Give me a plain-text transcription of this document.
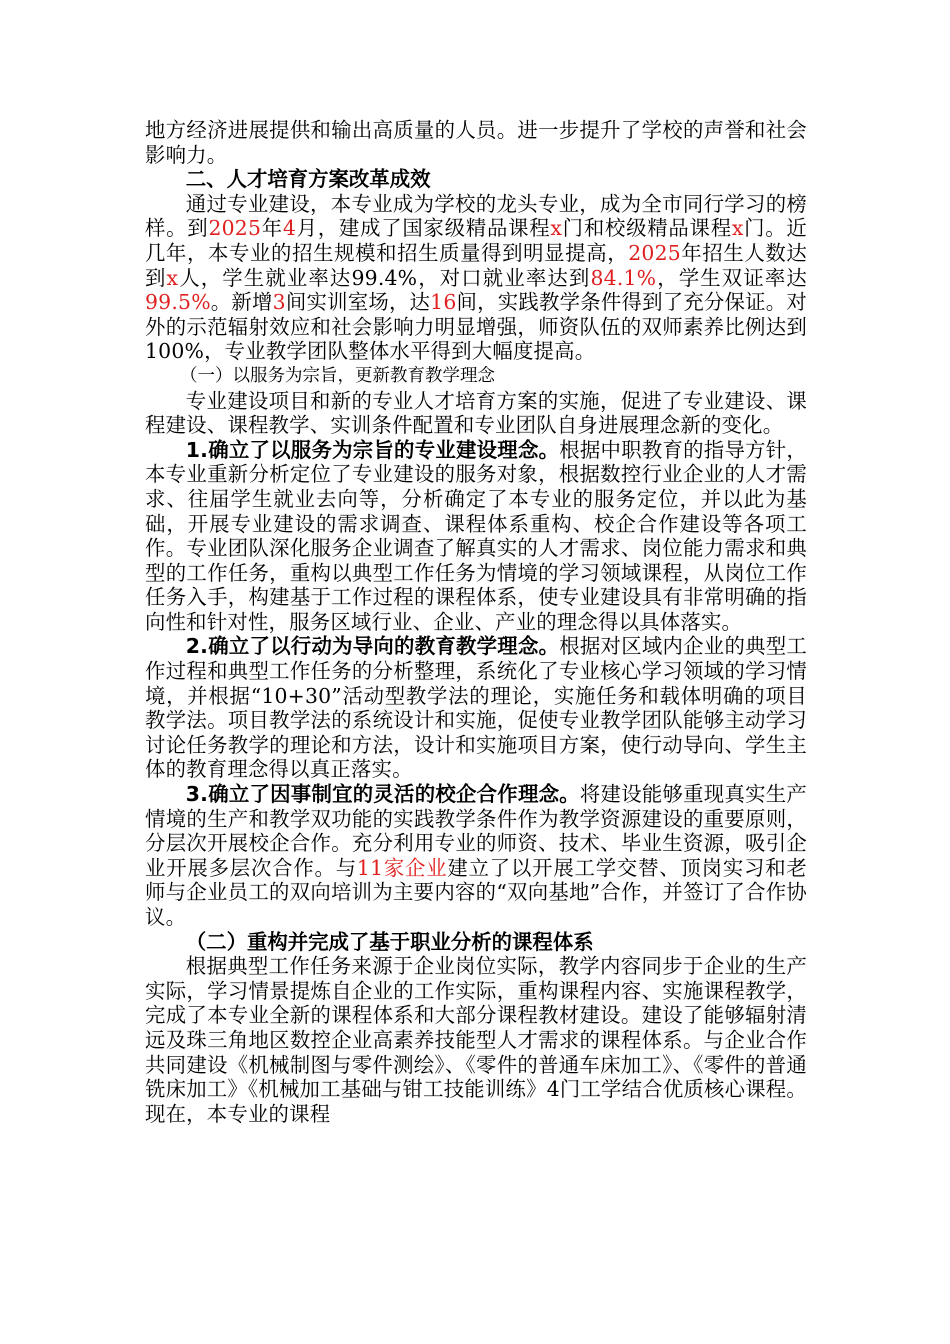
地方经济进展提供和输出高质量的人员。进一步提升了学校的声誉和社会影响力。

二、人才培育方案改革成效

通过专业建设，本专业成为学校的龙头专业，成为全市同行学习的榜样。到2025年4月，建成了国家级精品课程x门和校级精品课程x门。近几年，本专业的招生规模和招生质量得到明显提高，2025年招生人数达到x人，学生就业率达99.4%，对口就业率达到84.1%，学生双证率达99.5%。新增3间实训室场，达16间，实践教学条件得到了充分保证。对外的示范辐射效应和社会影响力明显增强，师资队伍的双师素养比例达到100%，专业教学团队整体水平得到大幅度提高。

（一）以服务为宗旨，更新教育教学理念

专业建设项目和新的专业人才培育方案的实施，促进了专业建设、课程建设、课程教学、实训条件配置和专业团队自身进展理念新的变化。

1.确立了以服务为宗旨的专业建设理念。根据中职教育的指导方针，本专业重新分析定位了专业建设的服务对象，根据数控行业企业的人才需求、往届学生就业去向等，分析确定了本专业的服务定位，并以此为基础，开展专业建设的需求调查、课程体系重构、校企合作建设等各项工作。专业团队深化服务企业调查了解真实的人才需求、岗位能力需求和典型的工作任务，重构以典型工作任务为情境的学习领域课程，从岗位工作任务入手，构建基于工作过程的课程体系，使专业建设具有非常明确的指向性和针对性，服务区域行业、企业、产业的理念得以具体落实。

2.确立了以行动为导向的教育教学理念。根据对区域内企业的典型工作过程和典型工作任务的分析整理，系统化了专业核心学习领域的学习情境，并根据“10+30”活动型教学法的理论，实施任务和载体明确的项目教学法。项目教学法的系统设计和实施，促使专业教学团队能够主动学习讨论任务教学的理论和方法，设计和实施项目方案，使行动导向、学生主体的教育理念得以真正落实。

3.确立了因事制宜的灵活的校企合作理念。将建设能够重现真实生产情境的生产和教学双功能的实践教学条件作为教学资源建设的重要原则，分层次开展校企合作。充分利用专业的师资、技术、毕业生资源，吸引企业开展多层次合作。与11家企业建立了以开展工学交替、顶岗实习和老师与企业员工的双向培训为主要内容的“双向基地”合作，并签订了合作协议。

（二）重构并完成了基于职业分析的课程体系

根据典型工作任务来源于企业岗位实际，教学内容同步于企业的生产实际，学习情景提炼自企业的工作实际，重构课程内容、实施课程教学，完成了本专业全新的课程体系和大部分课程教材建设。建设了能够辐射清远及珠三角地区数控企业高素养技能型人才需求的课程体系。与企业合作共同建设《机械制图与零件测绘》、《零件的普通车床加工》、《零件的普通铣床加工》《机械加工基础与钳工技能训练》4门工学结合优质核心课程。现在，本专业的课程
